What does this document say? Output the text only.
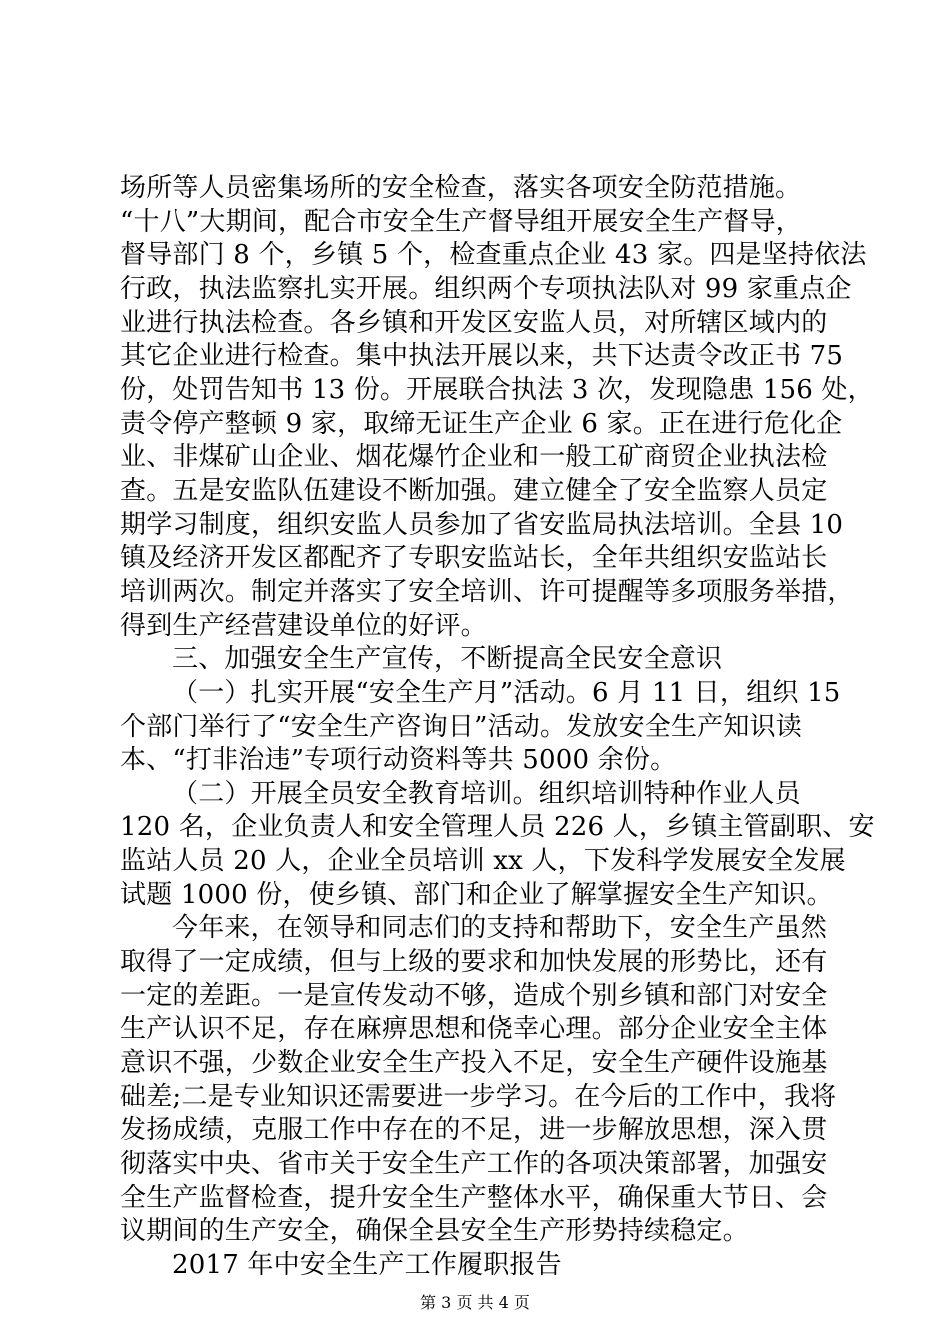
场所等人员密集场所的安全检查，落实各项安全防范措施。
“十八”大期间，配合市安全生产督导组开展安全生产督导，
督导部门 8 个，乡镇 5 个，检查重点企业 43 家。四是坚持依法
行政，执法监察扎实开展。组织两个专项执法队对 99 家重点企
业进行执法检查。各乡镇和开发区安监人员，对所辖区域内的
其它企业进行检查。集中执法开展以来，共下达责令改正书 75
份，处罚告知书 13 份。开展联合执法 3 次，发现隐患 156 处，
责令停产整顿 9 家，取缔无证生产企业 6 家。正在进行危化企
业、非煤矿山企业、烟花爆竹企业和一般工矿商贸企业执法检
查。五是安监队伍建设不断加强。建立健全了安全监察人员定
期学习制度，组织安监人员参加了省安监局执法培训。全县 10
镇及经济开发区都配齐了专职安监站长，全年共组织安监站长
培训两次。制定并落实了安全培训、许可提醒等多项服务举措，
得到生产经营建设单位的好评。
三、加强安全生产宣传，不断提高全民安全意识
（一）扎实开展“安全生产月”活动。6 月 11 日，组织 15
个部门举行了“安全生产咨询日”活动。发放安全生产知识读
本、“打非治违”专项行动资料等共 5000 余份。
（二）开展全员安全教育培训。组织培训特种作业人员
120 名，企业负责人和安全管理人员 226 人，乡镇主管副职、安
监站人员 20 人，企业全员培训 xx 人，下发科学发展安全发展
试题 1000 份，使乡镇、部门和企业了解掌握安全生产知识。
今年来，在领导和同志们的支持和帮助下，安全生产虽然
取得了一定成绩，但与上级的要求和加快发展的形势比，还有
一定的差距。一是宣传发动不够，造成个别乡镇和部门对安全
生产认识不足，存在麻痹思想和侥幸心理。部分企业安全主体
意识不强，少数企业安全生产投入不足，安全生产硬件设施基
础差;二是专业知识还需要进一步学习。在今后的工作中，我将
发扬成绩，克服工作中存在的不足，进一步解放思想，深入贯
彻落实中央、省市关于安全生产工作的各项决策部署，加强安
全生产监督检查，提升安全生产整体水平，确保重大节日、会
议期间的生产安全，确保全县安全生产形势持续稳定。
2017 年中安全生产工作履职报告
第 3 页 共 4 页
